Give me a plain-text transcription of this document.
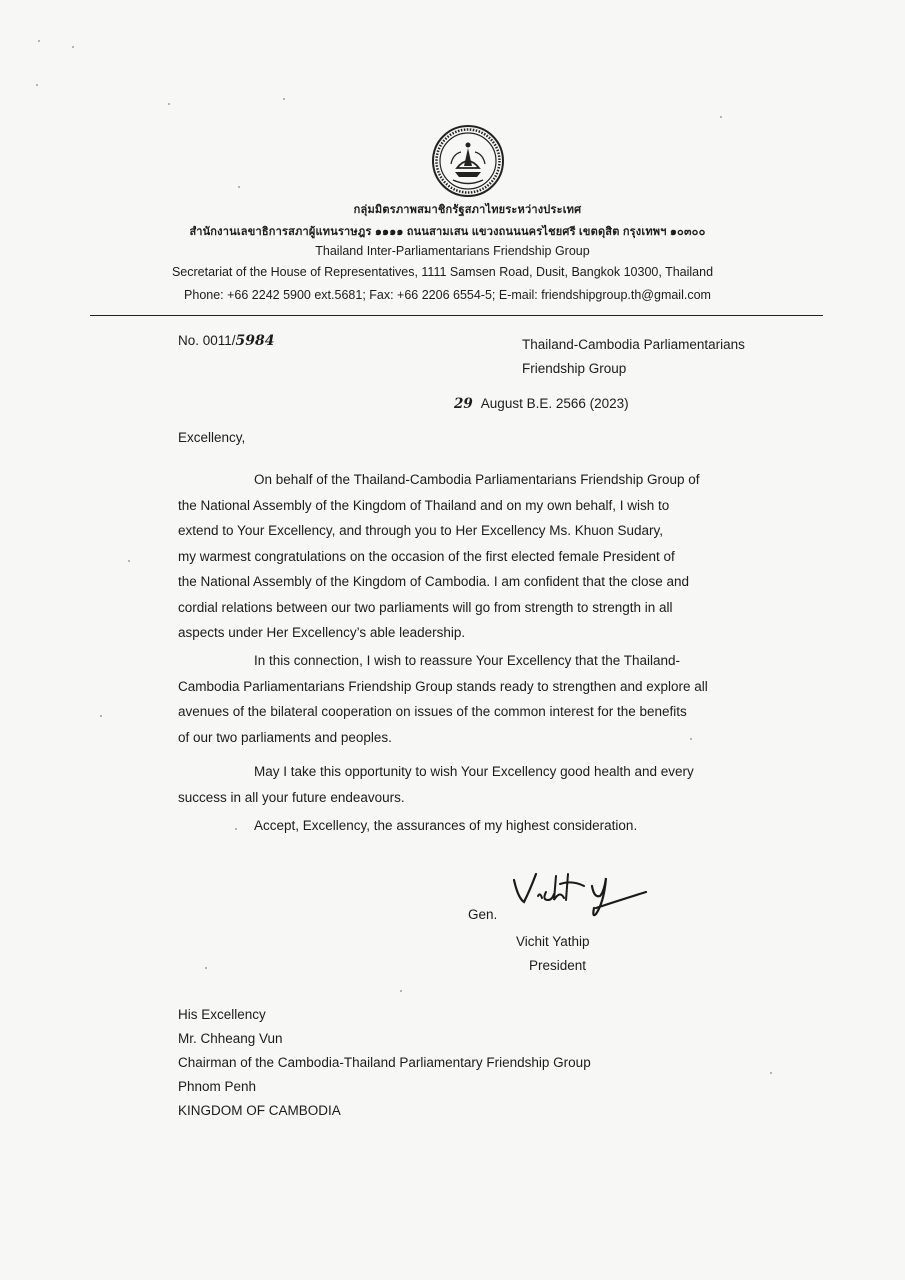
กลุ่มมิตรภาพสมาชิกรัฐสภาไทยระหว่างประเทศ
สำนักงานเลขาธิการสภาผู้แทนราษฎร ๑๑๑๑ ถนนสามเสน แขวงถนนนครไชยศรี เขตดุสิต กรุงเทพฯ ๑๐๓๐๐
Thailand Inter-Parliamentarians Friendship Group
Secretariat of the House of Representatives, 1111 Samsen Road, Dusit, Bangkok 10300, Thailand
Phone: +66 2242 5900 ext.5681; Fax: +66 2206 6554-5; E-mail: friendshipgroup.th@gmail.com
No. 0011/5984	Thailand-Cambodia Parliamentarians
Friendship Group
29 August B.E. 2566 (2023)
Excellency,
On behalf of the Thailand-Cambodia Parliamentarians Friendship Group of
the National Assembly of the Kingdom of Thailand and on my own behalf, I wish to
extend to Your Excellency, and through you to Her Excellency Ms. Khuon Sudary,
my warmest congratulations on the occasion of the first elected female President of
the National Assembly of the Kingdom of Cambodia. I am confident that the close and
cordial relations between our two parliaments will go from strength to strength in all
aspects under Her Excellency’s able leadership.
In this connection, I wish to reassure Your Excellency that the Thailand-
Cambodia Parliamentarians Friendship Group stands ready to strengthen and explore all
avenues of the bilateral cooperation on issues of the common interest for the benefits
of our two parliaments and peoples.
May I take this opportunity to wish Your Excellency good health and every
success in all your future endeavours.
Accept, Excellency, the assurances of my highest consideration.
Gen.
Vichit Yathip
President
His Excellency
Mr. Chheang Vun
Chairman of the Cambodia-Thailand Parliamentary Friendship Group
Phnom Penh
KINGDOM OF CAMBODIA
